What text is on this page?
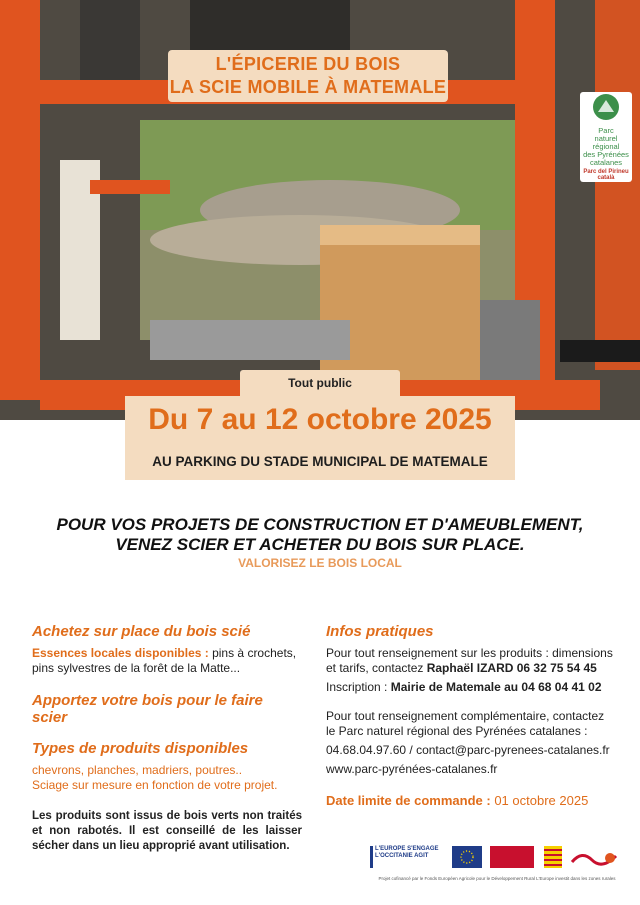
L'ÉPICERIE DU BOIS
LA SCIE MOBILE À MATEMALE
Parc
naturel
régional
des Pyrénées
catalanes
Parc del Pirineu català
Tout public
Du 7 au 12 octobre 2025
AU PARKING DU STADE MUNICIPAL DE MATEMALE
POUR VOS PROJETS DE CONSTRUCTION ET D'AMEUBLEMENT,
VENEZ SCIER ET ACHETER DU BOIS SUR PLACE.
VALORISEZ LE BOIS LOCAL
Achetez sur place du bois scié

Essences locales disponibles : pins à crochets, pins sylvestres de la forêt de la Matte...

Apportez votre bois pour le faire scier
Types de produits disponibles

chevrons, planches, madriers, poutres..

Sciage sur mesure en fonction de votre projet.

Les produits sont issus de bois verts non traités et non rabotés. Il est conseillé de les laisser sécher dans un lieu approprié avant utilisation.

Infos pratiques

Pour tout renseignement sur les produits : dimensions et tarifs, contactez Raphaël IZARD 06 32 75 54 45

Inscription : Mairie de Matemale au 04 68 04 41 02

Pour tout renseignement complémentaire, contactez le Parc naturel régional des Pyrénées catalanes :

04.68.04.97.60 / contact@parc-pyrenees-catalanes.fr

www.parc-pyrénées-catalanes.fr

Date limite de commande : 01 octobre 2025

L'EUROPE S'ENGAGE L'OCCITANIE AGIT
Projet cofinancé par le Fonds Européen Agricole pour le Développement Rural L'Europe investit dans les zones rurales
